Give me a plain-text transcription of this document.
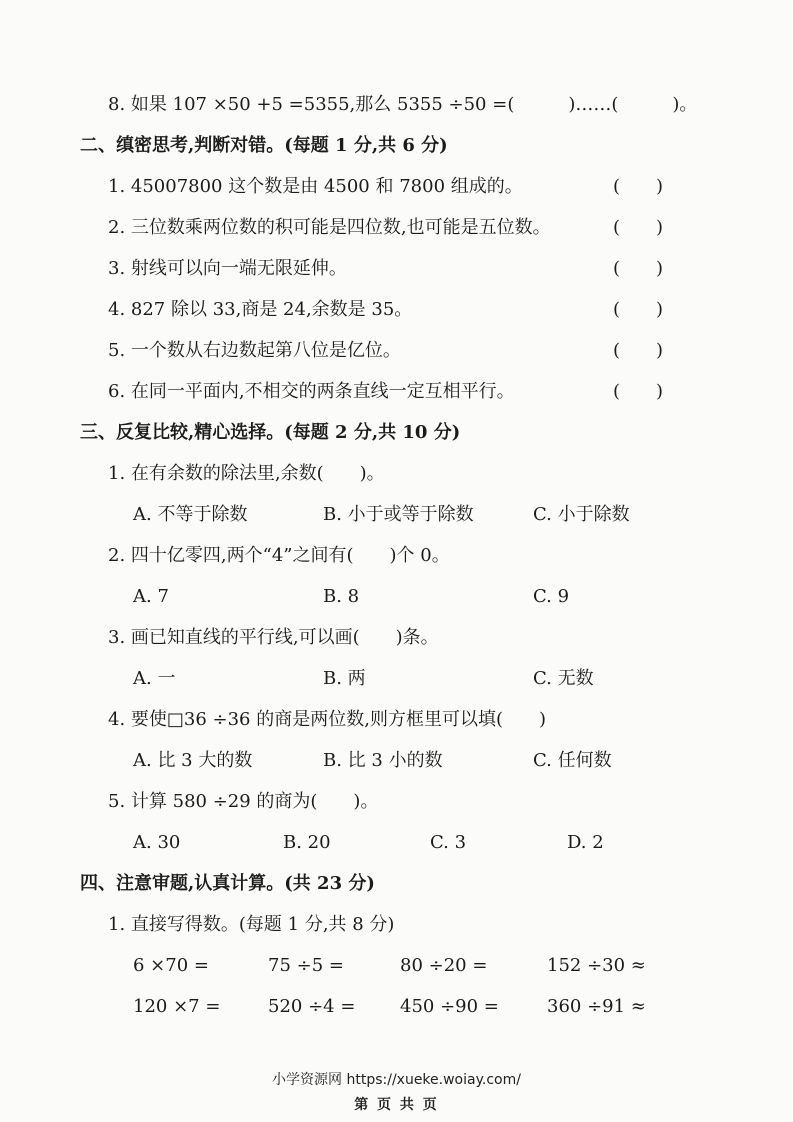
8. 如果 107 ×50 +5 =5355,那么 5355 ÷50 =(　　　)……(　　　)。
二、缜密思考,判断对错。(每题 1 分,共 6 分)
1. 45007800 这个数是由 4500 和 7800 组成的。	(　　)
2. 三位数乘两位数的积可能是四位数,也可能是五位数。	(　　)
3. 射线可以向一端无限延伸。	(　　)
4. 827 除以 33,商是 24,余数是 35。	(　　)
5. 一个数从右边数起第八位是亿位。	(　　)
6. 在同一平面内,不相交的两条直线一定互相平行。	(　　)
三、反复比较,精心选择。(每题 2 分,共 10 分)
1. 在有余数的除法里,余数(　　)。
A. 不等于除数	B. 小于或等于除数	C. 小于除数
2. 四十亿零四,两个“4”之间有(　　)个 0。
A. 7	B. 8	C. 9
3. 画已知直线的平行线,可以画(　　)条。
A. 一	B. 两	C. 无数
4. 要使□36 ÷36 的商是两位数,则方框里可以填(　　)
A. 比 3 大的数	B. 比 3 小的数	C. 任何数
5. 计算 580 ÷29 的商为(　　)。
A. 30	B. 20	C. 3	D. 2
四、注意审题,认真计算。(共 23 分)
1. 直接写得数。(每题 1 分,共 8 分)
6 ×70 =	75 ÷5 =	80 ÷20 =	152 ÷30 ≈
120 ×7 =	520 ÷4 = 450 ÷90 =	360 ÷91 ≈
小学资源网 https://xueke.woiay.com/
第 页 共 页
